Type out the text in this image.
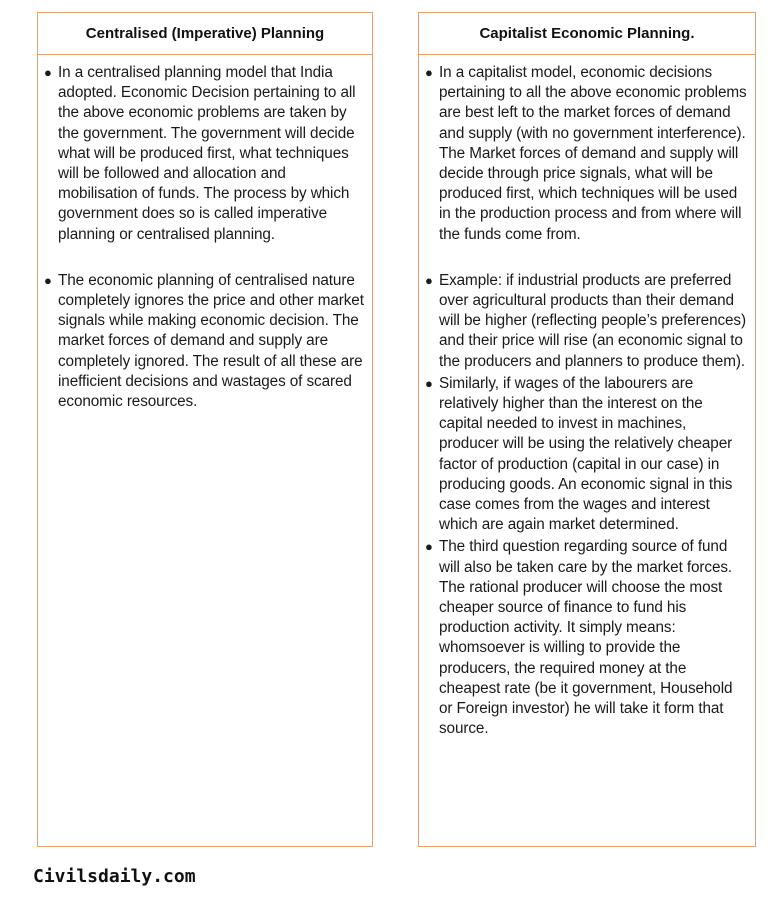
Centralised (Imperative) Planning
● In a centralised planning model that India adopted. Economic Decision pertaining to all the above economic problems are taken by the government. The government will decide what will be produced first, what techniques will be followed and allocation and mobilisation of funds. The process by which government does so is called imperative planning or centralised planning.
● The economic planning of centralised nature completely ignores the price and other market signals while making economic decision. The market forces of demand and supply are completely ignored. The result of all these are inefficient decisions and wastages of scared economic resources.
Capitalist Economic Planning.
● In a capitalist model, economic decisions pertaining to all the above economic problems are best left to the market forces of demand and supply (with no government interference). The Market forces of demand and supply will decide through price signals, what will be produced first, which techniques will be used in the production process and from where will the funds come from.
● Example: if industrial products are preferred over agricultural products than their demand will be higher (reflecting people’s preferences) and their price will rise (an economic signal to the producers and planners to produce them).
● Similarly, if wages of the labourers are relatively higher than the interest on the capital needed to invest in machines, producer will be using the relatively cheaper factor of production (capital in our case) in producing goods. An economic signal in this case comes from the wages and interest which are again market determined.
● The third question regarding source of fund will also be taken care by the market forces. The rational producer will choose the most cheaper source of finance to fund his production activity. It simply means: whomsoever is willing to provide the producers, the required money at the cheapest rate (be it government, Household or Foreign investor) he will take it form that source.
Civilsdaily.com
